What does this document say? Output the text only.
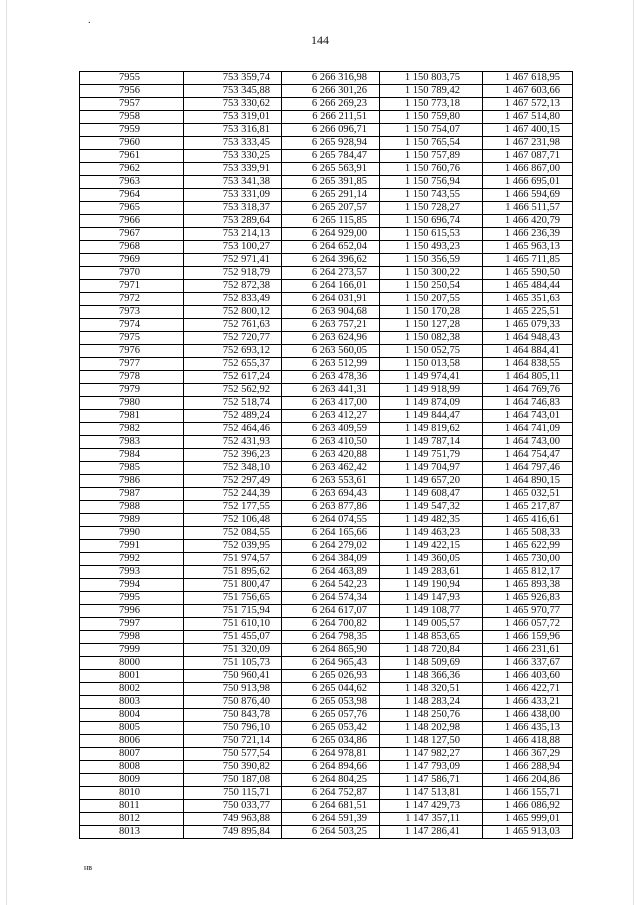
.
144
7955	753 359,74	6 266 316,98	1 150 803,75	1 467 618,95
7956	753 345,88	6 266 301,26	1 150 789,42	1 467 603,66
7957	753 330,62	6 266 269,23	1 150 773,18	1 467 572,13
7958	753 319,01	6 266 211,51	1 150 759,80	1 467 514,80
7959	753 316,81	6 266 096,71	1 150 754,07	1 467 400,15
7960	753 333,45	6 265 928,94	1 150 765,54	1 467 231,98
7961	753 330,25	6 265 784,47	1 150 757,89	1 467 087,71
7962	753 339,91	6 265 563,91	1 150 760,76	1 466 867,00
7963	753 341,38	6 265 391,85	1 150 756,94	1 466 695,01
7964	753 331,09	6 265 291,14	1 150 743,55	1 466 594,69
7965	753 318,37	6 265 207,57	1 150 728,27	1 466 511,57
7966	753 289,64	6 265 115,85	1 150 696,74	1 466 420,79
7967	753 214,13	6 264 929,00	1 150 615,53	1 466 236,39
7968	753 100,27	6 264 652,04	1 150 493,23	1 465 963,13
7969	752 971,41	6 264 396,62	1 150 356,59	1 465 711,85
7970	752 918,79	6 264 273,57	1 150 300,22	1 465 590,50
7971	752 872,38	6 264 166,01	1 150 250,54	1 465 484,44
7972	752 833,49	6 264 031,91	1 150 207,55	1 465 351,63
7973	752 800,12	6 263 904,68	1 150 170,28	1 465 225,51
7974	752 761,63	6 263 757,21	1 150 127,28	1 465 079,33
7975	752 720,77	6 263 624,96	1 150 082,38	1 464 948,43
7976	752 693,12	6 263 560,05	1 150 052,75	1 464 884,41
7977	752 655,37	6 263 512,99	1 150 013,58	1 464 838,55
7978	752 617,24	6 263 478,36	1 149 974,41	1 464 805,11
7979	752 562,92	6 263 441,31	1 149 918,99	1 464 769,76
7980	752 518,74	6 263 417,00	1 149 874,09	1 464 746,83
7981	752 489,24	6 263 412,27	1 149 844,47	1 464 743,01
7982	752 464,46	6 263 409,59	1 149 819,62	1 464 741,09
7983	752 431,93	6 263 410,50	1 149 787,14	1 464 743,00
7984	752 396,23	6 263 420,88	1 149 751,79	1 464 754,47
7985	752 348,10	6 263 462,42	1 149 704,97	1 464 797,46
7986	752 297,49	6 263 553,61	1 149 657,20	1 464 890,15
7987	752 244,39	6 263 694,43	1 149 608,47	1 465 032,51
7988	752 177,55	6 263 877,86	1 149 547,32	1 465 217,87
7989	752 106,48	6 264 074,55	1 149 482,35	1 465 416,61
7990	752 084,55	6 264 165,66	1 149 463,23	1 465 508,33
7991	752 039,95	6 264 279,02	1 149 422,15	1 465 622,99
7992	751 974,57	6 264 384,09	1 149 360,05	1 465 730,00
7993	751 895,62	6 264 463,89	1 149 283,61	1 465 812,17
7994	751 800,47	6 264 542,23	1 149 190,94	1 465 893,38
7995	751 756,65	6 264 574,34	1 149 147,93	1 465 926,83
7996	751 715,94	6 264 617,07	1 149 108,77	1 465 970,77
7997	751 610,10	6 264 700,82	1 149 005,57	1 466 057,72
7998	751 455,07	6 264 798,35	1 148 853,65	1 466 159,96
7999	751 320,09	6 264 865,90	1 148 720,84	1 466 231,61
8000	751 105,73	6 264 965,43	1 148 509,69	1 466 337,67
8001	750 960,41	6 265 026,93	1 148 366,36	1 466 403,60
8002	750 913,98	6 265 044,62	1 148 320,51	1 466 422,71
8003	750 876,40	6 265 053,98	1 148 283,24	1 466 433,21
8004	750 843,78	6 265 057,76	1 148 250,76	1 466 438,00
8005	750 796,10	6 265 053,42	1 148 202,98	1 466 435,13
8006	750 721,14	6 265 034,86	1 148 127,50	1 466 418,88
8007	750 577,54	6 264 978,81	1 147 982,27	1 466 367,29
8008	750 390,82	6 264 894,66	1 147 793,09	1 466 288,94
8009	750 187,08	6 264 804,25	1 147 586,71	1 466 204,86
8010	750 115,71	6 264 752,87	1 147 513,81	1 466 155,71
8011	750 033,77	6 264 681,51	1 147 429,73	1 466 086,92
8012	749 963,88	6 264 591,39	1 147 357,11	1 465 999,01
8013	749 895,84	6 264 503,25	1 147 286,41	1 465 913,03
нв
